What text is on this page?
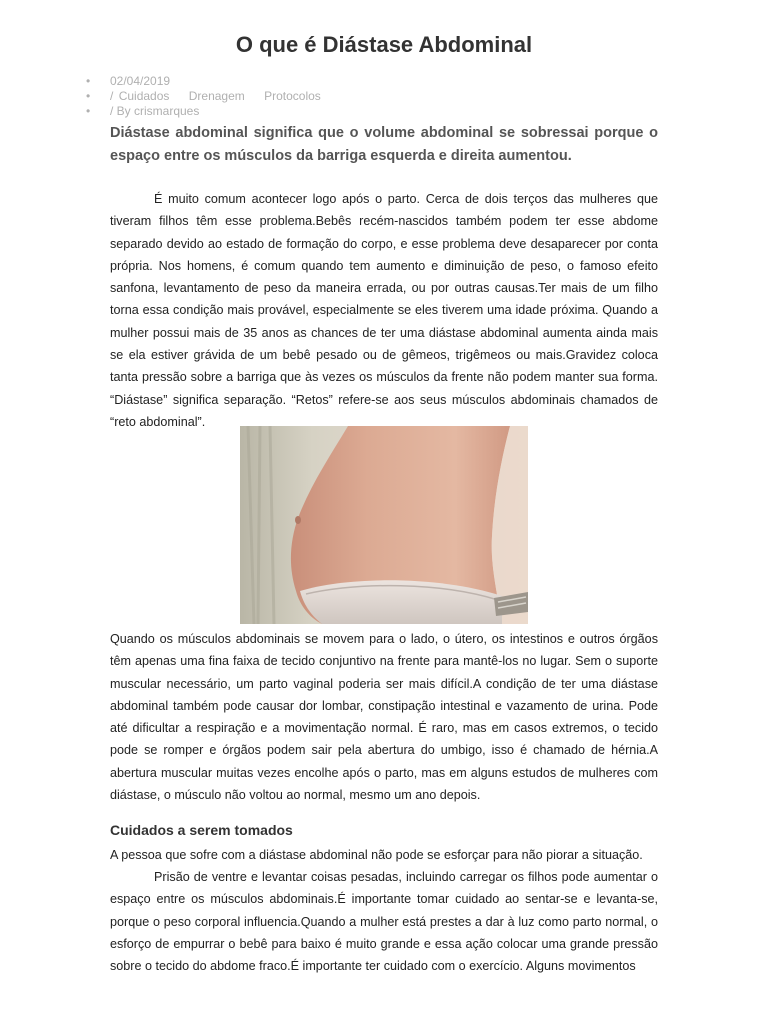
O que é Diástase Abdominal
• 02/04/2019
• / Cuidados Drenagem Protocolos
• / By crismarques

Diástase abdominal significa que o volume abdominal se sobressai porque o espaço entre os músculos da barriga esquerda e direita aumentou.

É muito comum acontecer logo após o parto. Cerca de dois terços das mulheres que tiveram filhos têm esse problema.Bebês recém-nascidos também podem ter esse abdome separado devido ao estado de formação do corpo, e esse problema deve desaparecer por conta própria. Nos homens, é comum quando tem aumento e diminuição de peso, o famoso efeito sanfona, levantamento de peso da maneira errada, ou por outras causas.Ter mais de um filho torna essa condição mais provável, especialmente se eles tiverem uma idade próxima. Quando a mulher possui mais de 35 anos as chances de ter uma diástase abdominal aumenta ainda mais se ela estiver grávida de um bebê pesado ou de gêmeos, trigêmeos ou mais.Gravidez coloca tanta pressão sobre a barriga que às vezes os músculos da frente não podem manter sua forma. “Diástase” significa separação. “Retos” refere-se aos seus músculos abdominais chamados de “reto abdominal”.

Quando os músculos abdominais se movem para o lado, o útero, os intestinos e outros órgãos têm apenas uma fina faixa de tecido conjuntivo na frente para mantê-los no lugar. Sem o suporte muscular necessário, um parto vaginal poderia ser mais difícil.A condição de ter uma diástase abdominal também pode causar dor lombar, constipação intestinal e vazamento de urina. Pode até dificultar a respiração e a movimentação normal. É raro, mas em casos extremos, o tecido pode se romper e órgãos podem sair pela abertura do umbigo, isso é chamado de hérnia.A abertura muscular muitas vezes encolhe após o parto, mas em alguns estudos de mulheres com diástase, o músculo não voltou ao normal, mesmo um ano depois.

Cuidados a serem tomados

A pessoa que sofre com a diástase abdominal não pode se esforçar para não piorar a situação.

Prisão de ventre e levantar coisas pesadas, incluindo carregar os filhos pode aumentar o espaço entre os músculos abdominais.É importante tomar cuidado ao sentar-se e levanta-se, porque o peso corporal influencia.Quando a mulher está prestes a dar à luz como parto normal, o esforço de empurrar o bebê para baixo é muito grande e essa ação colocar uma grande pressão sobre o tecido do abdome fraco.É importante ter cuidado com o exercício. Alguns movimentos
